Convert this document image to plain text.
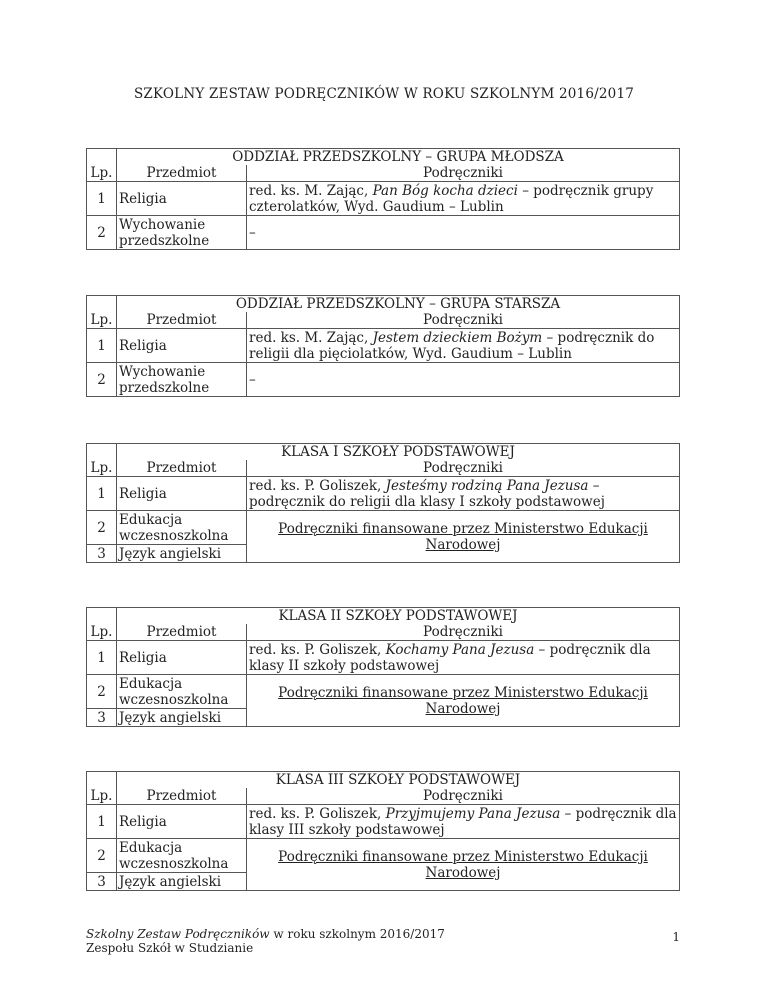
SZKOLNY ZESTAW PODRĘCZNIKÓW W ROKU SZKOLNYM 2016/2017
Lp.	ODDZIAŁ PRZEDSZKOLNY – GRUPA MŁODSZA	
	Przedmiot	Podręczniki
1	Religia	red. ks. M. Zając, Pan Bóg kocha dzieci – podręcznik grupy czterolatków, Wyd. Gaudium – Lublin
2	Wychowanie przedszkolne	–
Lp.	ODDZIAŁ PRZEDSZKOLNY – GRUPA STARSZA	
	Przedmiot	Podręczniki
1	Religia	red. ks. M. Zając, Jestem dzieckiem Bożym – podręcznik do religii dla pięciolatków, Wyd. Gaudium – Lublin
2	Wychowanie przedszkolne	–
Lp.	KLASA I SZKOŁY PODSTAWOWEJ	
	Przedmiot	Podręczniki
1	Religia	red. ks. P. Goliszek, Jesteśmy rodziną Pana Jezusa – podręcznik do religii dla klasy I szkoły podstawowej
2	Edukacja wczesnoszkolna	Podręczniki finansowane przez Ministerstwo Edukacji Narodowej
3	Język angielski	
Lp.	KLASA II SZKOŁY PODSTAWOWEJ	
	Przedmiot	Podręczniki
1	Religia	red. ks. P. Goliszek, Kochamy Pana Jezusa – podręcznik dla klasy II szkoły podstawowej
2	Edukacja wczesnoszkolna	Podręczniki finansowane przez Ministerstwo Edukacji Narodowej
3	Język angielski	
Lp.	KLASA III SZKOŁY PODSTAWOWEJ	
	Przedmiot	Podręczniki
1	Religia	red. ks. P. Goliszek, Przyjmujemy Pana Jezusa – podręcznik dla klasy III szkoły podstawowej
2	Edukacja wczesnoszkolna	Podręczniki finansowane przez Ministerstwo Edukacji Narodowej
3	Język angielski	
Szkolny Zestaw Podręczników w roku szkolnym 2016/2017
Zespołu Szkół w Studzianie
1
